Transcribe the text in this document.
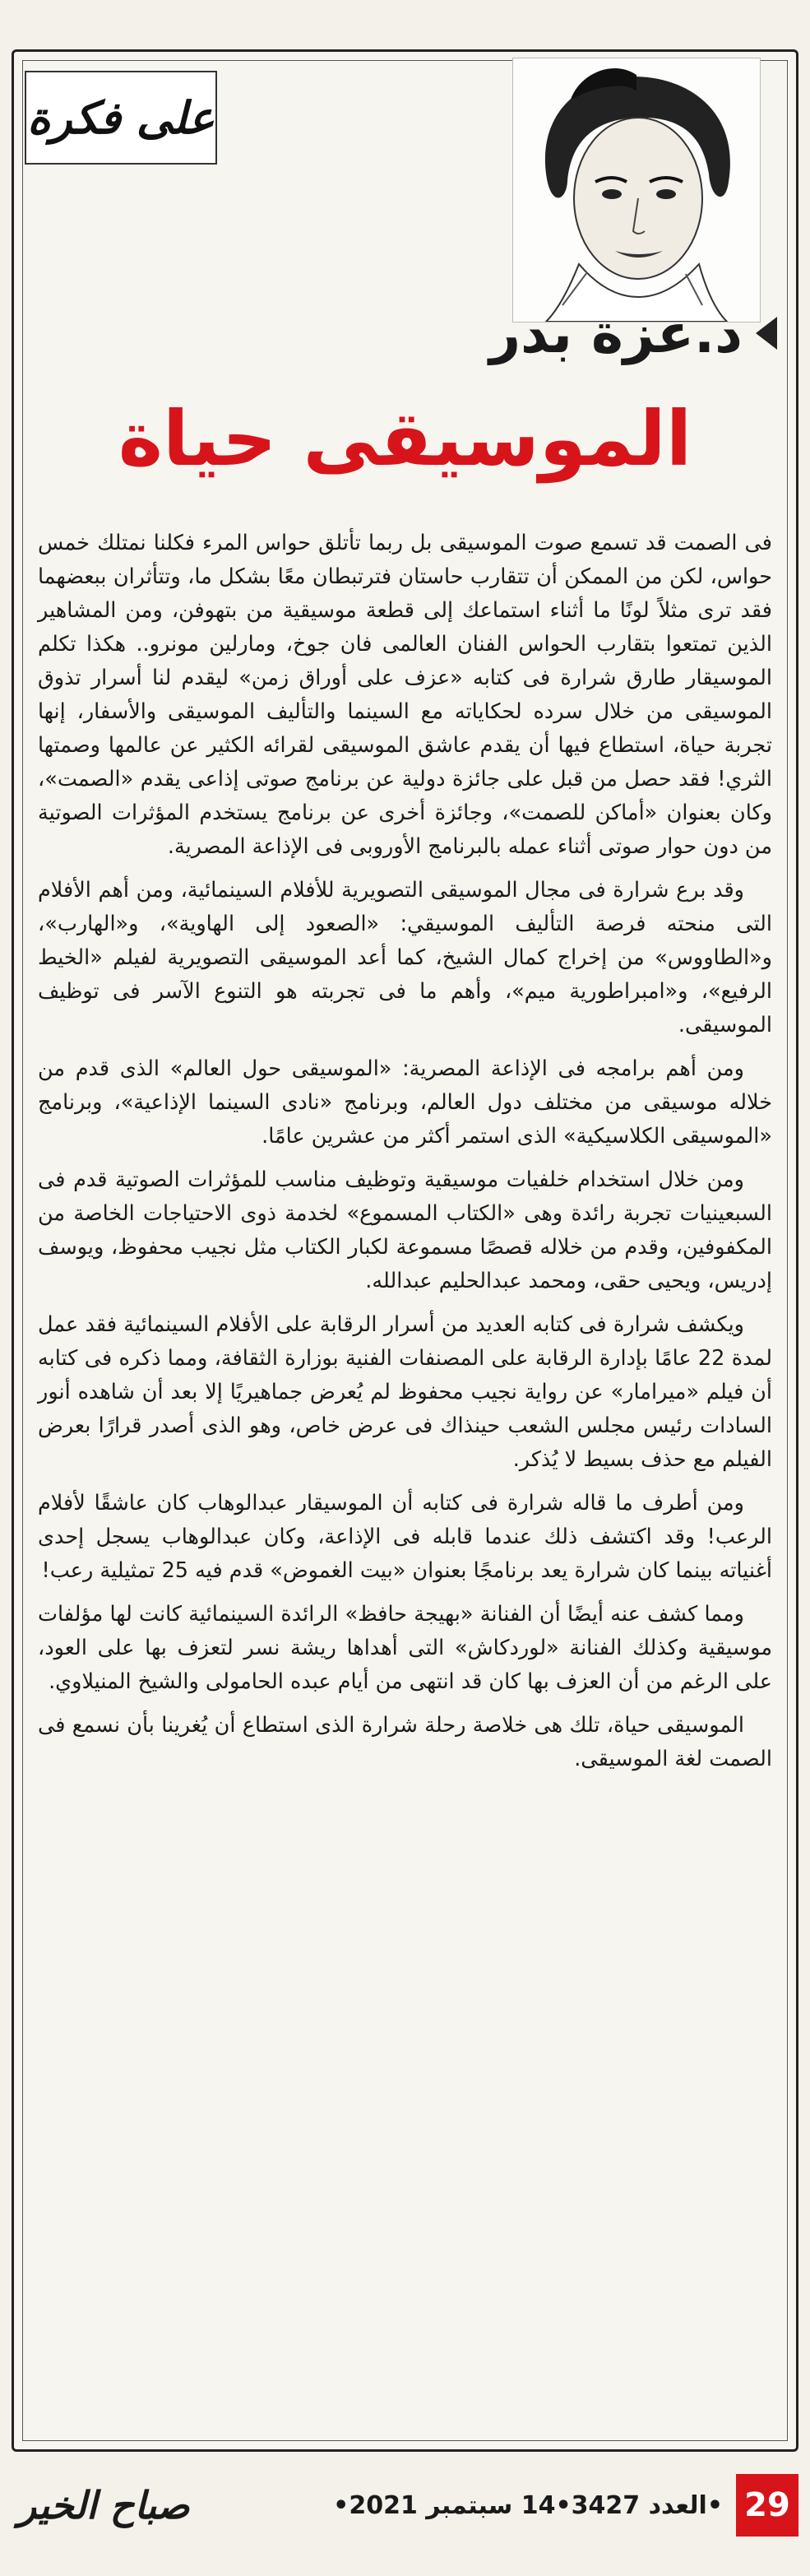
على فكرة
د.عزة بدر
الموسيقى حياة

فى الصمت قد تسمع صوت الموسيقى بل ربما تأتلق حواس المرء فكلنا نمتلك خمس حواس، لكن من الممكن أن تتقارب حاستان فترتبطان معًا بشكل ما، وتتأثران ببعضهما فقد ترى مثلاً لونًا ما أثناء استماعك إلى قطعة موسيقية من بتهوفن، ومن المشاهير الذين تمتعوا بتقارب الحواس الفنان العالمى فان جوخ، ومارلين مونرو.. هكذا تكلم الموسيقار طارق شرارة فى كتابه «عزف على أوراق زمن» ليقدم لنا أسرار تذوق الموسيقى من خلال سرده لحكاياته مع السينما والتأليف الموسيقى والأسفار، إنها تجربة حياة، استطاع فيها أن يقدم عاشق الموسيقى لقرائه الكثير عن عالمها وصمتها الثري! فقد حصل من قبل على جائزة دولية عن برنامج صوتى إذاعى يقدم «الصمت»، وكان بعنوان «أماكن للصمت»، وجائزة أخرى عن برنامج يستخدم المؤثرات الصوتية من دون حوار صوتى أثناء عمله بالبرنامج الأوروبى فى الإذاعة المصرية.

وقد برع شرارة فى مجال الموسيقى التصويرية للأفلام السينمائية، ومن أهم الأفلام التى منحته فرصة التأليف الموسيقي: «الصعود إلى الهاوية»، و«الهارب»، و«الطاووس» من إخراج كمال الشيخ، كما أعد الموسيقى التصويرية لفيلم «الخيط الرفيع»، و«امبراطورية ميم»، وأهم ما فى تجربته هو التنوع الآسر فى توظيف الموسيقى.

ومن أهم برامجه فى الإذاعة المصرية: «الموسيقى حول العالم» الذى قدم من خلاله موسيقى من مختلف دول العالم، وبرنامج «نادى السينما الإذاعية»، وبرنامج «الموسيقى الكلاسيكية» الذى استمر أكثر من عشرين عامًا.

ومن خلال استخدام خلفيات موسيقية وتوظيف مناسب للمؤثرات الصوتية قدم فى السبعينيات تجربة رائدة وهى «الكتاب المسموع» لخدمة ذوى الاحتياجات الخاصة من المكفوفين، وقدم من خلاله قصصًا مسموعة لكبار الكتاب مثل نجيب محفوظ، ويوسف إدريس، ويحيى حقى، ومحمد عبدالحليم عبدالله.

ويكشف شرارة فى كتابه العديد من أسرار الرقابة على الأفلام السينمائية فقد عمل لمدة 22 عامًا بإدارة الرقابة على المصنفات الفنية بوزارة الثقافة، ومما ذكره فى كتابه أن فيلم «ميرامار» عن رواية نجيب محفوظ لم يُعرض جماهيريًا إلا بعد أن شاهده أنور السادات رئيس مجلس الشعب حينذاك فى عرض خاص، وهو الذى أصدر قرارًا بعرض الفيلم مع حذف بسيط لا يُذكر.

ومن أطرف ما قاله شرارة فى كتابه أن الموسيقار عبدالوهاب كان عاشقًا لأفلام الرعب! وقد اكتشف ذلك عندما قابله فى الإذاعة، وكان عبدالوهاب يسجل إحدى أغنياته بينما كان شرارة يعد برنامجًا بعنوان «بيت الغموض» قدم فيه 25 تمثيلية رعب!

ومما كشف عنه أيضًا أن الفنانة «بهيجة حافظ» الرائدة السينمائية كانت لها مؤلفات موسيقية وكذلك الفنانة «لوردكاش» التى أهداها ريشة نسر لتعزف بها على العود، على الرغم من أن العزف بها كان قد انتهى من أيام عبده الحامولى والشيخ المنيلاوي.

الموسيقى حياة، تلك هى خلاصة رحلة شرارة الذى استطاع أن يُغرينا بأن نسمع فى الصمت لغة الموسيقى.

29
•العدد 3427•14 سبتمبر 2021•
صباح الخير
